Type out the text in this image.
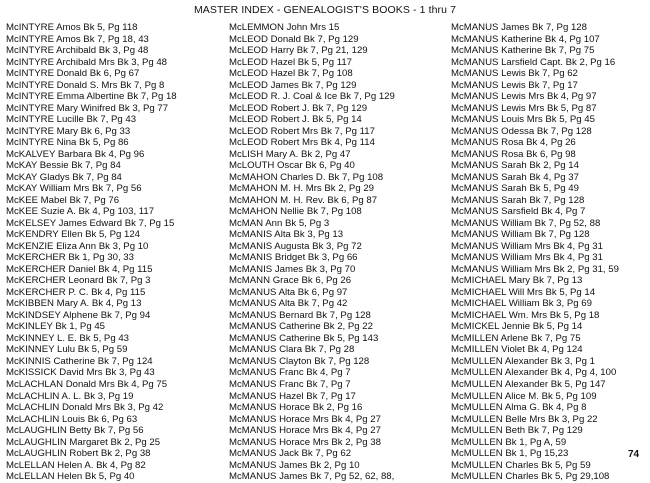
MASTER INDEX - GENEALOGIST'S BOOKS - 1 thru 7
McINTYRE Amos Bk 5, Pg 118
McINTYRE Amos Bk 7, Pg 18, 43
McINTYRE Archibald Bk 3, Pg 48
McINTYRE Archibald Mrs Bk 3, Pg 48
McINTYRE Donald Bk 6, Pg 67
McINTYRE Donald S. Mrs Bk 7, Pg 8
McINTYRE Emma Albertine Bk 7, Pg 18
McINTYRE Mary Winifred Bk 3, Pg 77
McINTYRE Lucille Bk 7, Pg 43
McINTYRE Mary Bk 6, Pg 33
McINTYRE Nina Bk 5, Pg 86
McKALVEY Barbara Bk 4, Pg 96
McKAY Bessie Bk 7, Pg 84
McKAY Gladys Bk 7, Pg 84
McKAY William Mrs Bk 7, Pg 56
McKEE Mabel Bk 7, Pg 76
McKEE Suzie A. Bk 4, Pg 103, 117
McKELSEY James Edward Bk 7, Pg 15
McKENDRY Ellen Bk 5, Pg 124
McKENZIE Eliza Ann Bk 3, Pg 10
McKERCHER Bk 1, Pg 30, 33
McKERCHER Daniel Bk 4, Pg 115
McKERCHER Leonard Bk 7, Pg 3
McKERCHER P. C. Bk 4, Pg 115
McKIBBEN Mary A. Bk 4, Pg 13
McKINDSEY Alphene Bk 7, Pg 94
McKINLEY Bk 1, Pg 45
McKINNEY L. E. Bk 5, Pg 43
McKINNEY Lulu Bk 5, Pg 59
McKINNIS Catherine Bk 7, Pg 124
McKISSICK David Mrs Bk 3, Pg 43
McLACHLAN Donald Mrs Bk 4, Pg 75
McLACHLIN A. L. Bk 3, Pg 19
McLACHLIN Donald Mrs Bk 3, Pg 42
McLACHLIN Louis Bk 6, Pg 63
McLAUGHLIN Betty Bk 7, Pg 56
McLAUGHLIN Margaret Bk 2, Pg 25
McLAUGHLIN Robert Bk 2, Pg 38
McLELLAN Helen A. Bk 4, Pg 82
McLELLAN Helen Bk 5, Pg 40
McLEMMON John Mrs 15
McLEOD Donald Bk 7, Pg 129
McLEOD Harry Bk 7, Pg 21, 129
McLEOD Hazel Bk 5, Pg 117
McLEOD Hazel Bk 7, Pg 108
McLEOD James Bk 7, Pg 129
McLEOD R. J. Coal & Ice Bk 7, Pg 129
McLEOD Robert J. Bk 7, Pg 129
McLEOD Robert J. Bk 5, Pg 14
McLEOD Robert Mrs Bk 7, Pg 117
McLEOD Robert Mrs Bk 4, Pg 114
McLISH Mary A. Bk 2, Pg 47
McLOUTH Oscar Bk 6, Pg 40
McMAHON Charles D. Bk 7, Pg 108
McMAHON M. H. Mrs Bk 2, Pg 29
McMAHON M. H. Rev. Bk 6, Pg 87
McMAHON Nellie Bk 7, Pg 108
McMAN Ann Bk 5, Pg 3
McMANIS Alta Bk 3, Pg 13
McMANIS Augusta Bk 3, Pg 72
McMANIS Bridget Bk 3, Pg 66
McMANIS James Bk 3, Pg 70
McMANN Grace Bk 6, Pg 26
McMANUS Alta Bk 6, Pg 97
McMANUS Alta Bk 7, Pg 42
McMANUS Bernard Bk 7, Pg 128
McMANUS Catherine Bk 2, Pg 22
McMANUS Catherine Bk 5, Pg 143
McMANUS Clara Bk 7, Pg 28
McMANUS Clayton Bk 7, Pg 128
McMANUS Franc Bk 4, Pg 7
McMANUS Franc Bk 7, Pg 7
McMANUS Hazel Bk 7, Pg 17
McMANUS Horace Bk 2, Pg 16
McMANUS Horace Mrs Bk 4, Pg 27
McMANUS Horace Mrs Bk 4, Pg 27
McMANUS Horace Mrs Bk 2, Pg 38
McMANUS Jack Bk 7, Pg 62
McMANUS James Bk 2, Pg 10
McMANUS James Bk 7, Pg 52, 62, 88,
McMANUS James Bk 7, Pg 128
McMANUS Katherine Bk 4, Pg 107
McMANUS Katherine Bk 7, Pg 75
McMANUS Larsfield Capt. Bk 2, Pg 16
McMANUS Lewis Bk 7, Pg 62
McMANUS Lewis Bk 7, Pg 17
McMANUS Lewis Mrs Bk 4, Pg 97
McMANUS Lewis Mrs Bk 5, Pg 87
McMANUS Louis Mrs Bk 5, Pg 45
McMANUS Odessa Bk 7, Pg 128
McMANUS Rosa Bk 4, Pg 26
McMANUS Rosa Bk 6, Pg 98
McMANUS Sarah Bk 2, Pg 14
McMANUS Sarah Bk 4, Pg 37
McMANUS Sarah Bk 5, Pg 49
McMANUS Sarah Bk 7, Pg 128
McMANUS Sarsfield Bk 4, Pg 7
McMANUS William Bk 7, Pg 52, 88
McMANUS William Bk 7, Pg 128
McMANUS William Mrs Bk 4, Pg 31
McMANUS William Mrs Bk 4, Pg 31
McMANUS William Mrs Bk 2, Pg 31, 59
McMICHAEL Mary Bk 7, Pg 13
McMICHAEL Will Mrs Bk 5, Pg 14
McMICHAEL William Bk 3, Pg 69
McMICHAEL Wm. Mrs Bk 5, Pg 18
McMICKEL Jennie Bk 5, Pg 14
McMILLEN Arlene Bk 7, Pg 75
McMILLEN Violet Bk 4, Pg 124
McMULLEN Alexander Bk 3, Pg 1
McMULLEN Alexander Bk 4, Pg 4, 100
McMULLEN Alexander Bk 5, Pg 147
McMULLEN Alice M. Bk 5, Pg 109
McMULLEN Alma G. Bk 4, Pg 8
McMULLEN Belle Mrs Bk 3, Pg 22
McMULLEN Beth Bk 7, Pg 129
McMULLEN Bk 1, Pg A, 59
McMULLEN Bk 1, Pg 15,23
McMULLEN Charles Bk 5, Pg 59
McMULLEN Charles Bk 5, Pg 29,108
74
